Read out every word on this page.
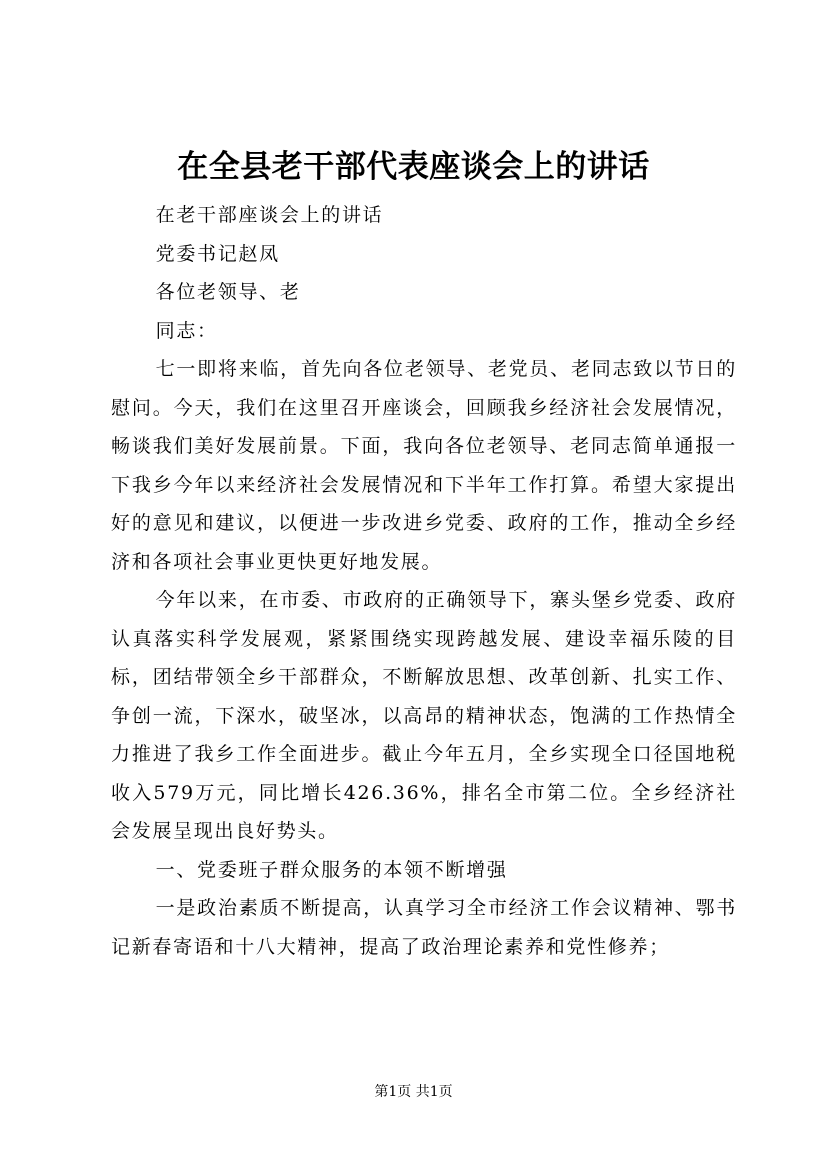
在全县老干部代表座谈会上的讲话

在老干部座谈会上的讲话

党委书记赵凤

各位老领导、老

同志：

七一即将来临，首先向各位老领导、老党员、老同志致以节日的慰问。今天，我们在这里召开座谈会，回顾我乡经济社会发展情况，畅谈我们美好发展前景。下面，我向各位老领导、老同志简单通报一下我乡今年以来经济社会发展情况和下半年工作打算。希望大家提出好的意见和建议，以便进一步改进乡党委、政府的工作，推动全乡经济和各项社会事业更快更好地发展。

今年以来，在市委、市政府的正确领导下，寨头堡乡党委、政府认真落实科学发展观，紧紧围绕实现跨越发展、建设幸福乐陵的目标，团结带领全乡干部群众，不断解放思想、改革创新、扎实工作、争创一流，下深水，破坚冰，以高昂的精神状态，饱满的工作热情全力推进了我乡工作全面进步。截止今年五月，全乡实现全口径国地税收入579万元，同比增长426.36%，排名全市第二位。全乡经济社会发展呈现出良好势头。

一、党委班子群众服务的本领不断增强

一是政治素质不断提高，认真学习全市经济工作会议精神、鄂书记新春寄语和十八大精神，提高了政治理论素养和党性修养；

第1页 共1页
